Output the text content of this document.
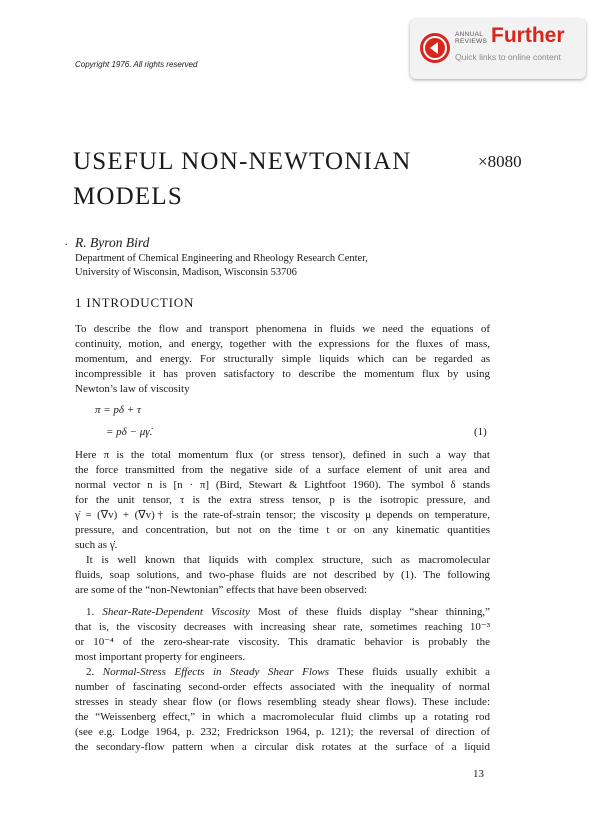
ANNUAL
REVIEWS Further
Quick links to online content
Copyright 1976. All rights reserved
USEFUL NON-NEWTONIAN
MODELS
×8080
. R. Byron Bird
Department of Chemical Engineering and Rheology Research Center,
University of Wisconsin, Madison, Wisconsin 53706
1 INTRODUCTION
To describe the flow and transport phenomena in fluids we need the equations of
continuity, motion, and energy, together with the expressions for the fluxes of mass,
momentum, and energy. For structurally simple liquids which can be regarded as
incompressible it has proven satisfactory to describe the momentum flux by using
Newton’s law of viscosity
π = pδ + τ
= pδ − μγ̇.	(1)
Here π is the total momentum flux (or stress tensor), defined in such a way that
the force transmitted from the negative side of a surface element of unit area and
normal vector n is [n · π] (Bird, Stewart & Lightfoot 1960). The symbol δ stands
for the unit tensor, τ is the extra stress tensor, p is the isotropic pressure, and
γ̇ = (∇v) + (∇v)† is the rate-of-strain tensor; the viscosity μ depends on temperature,
pressure, and concentration, but not on the time t or on any kinematic quantities
such as γ̇.
It is well known that liquids with complex structure, such as macromolecular
fluids, soap solutions, and two-phase fluids are not described by (1). The following
are some of the “non-Newtonian” effects that have been observed:
1. Shear-Rate-Dependent Viscosity Most of these fluids display “shear thinning,”
that is, the viscosity decreases with increasing shear rate, sometimes reaching 10⁻³
or 10⁻⁴ of the zero-shear-rate viscosity. This dramatic behavior is probably the
most important property for engineers.
2. Normal-Stress Effects in Steady Shear Flows These fluids usually exhibit a
number of fascinating second-order effects associated with the inequality of normal
stresses in steady shear flow (or flows resembling steady shear flows). These include:
the “Weissenberg effect,” in which a macromolecular fluid climbs up a rotating rod
(see e.g. Lodge 1964, p. 232; Fredrickson 1964, p. 121); the reversal of direction of
the secondary-flow pattern when a circular disk rotates at the surface of a liquid
13
